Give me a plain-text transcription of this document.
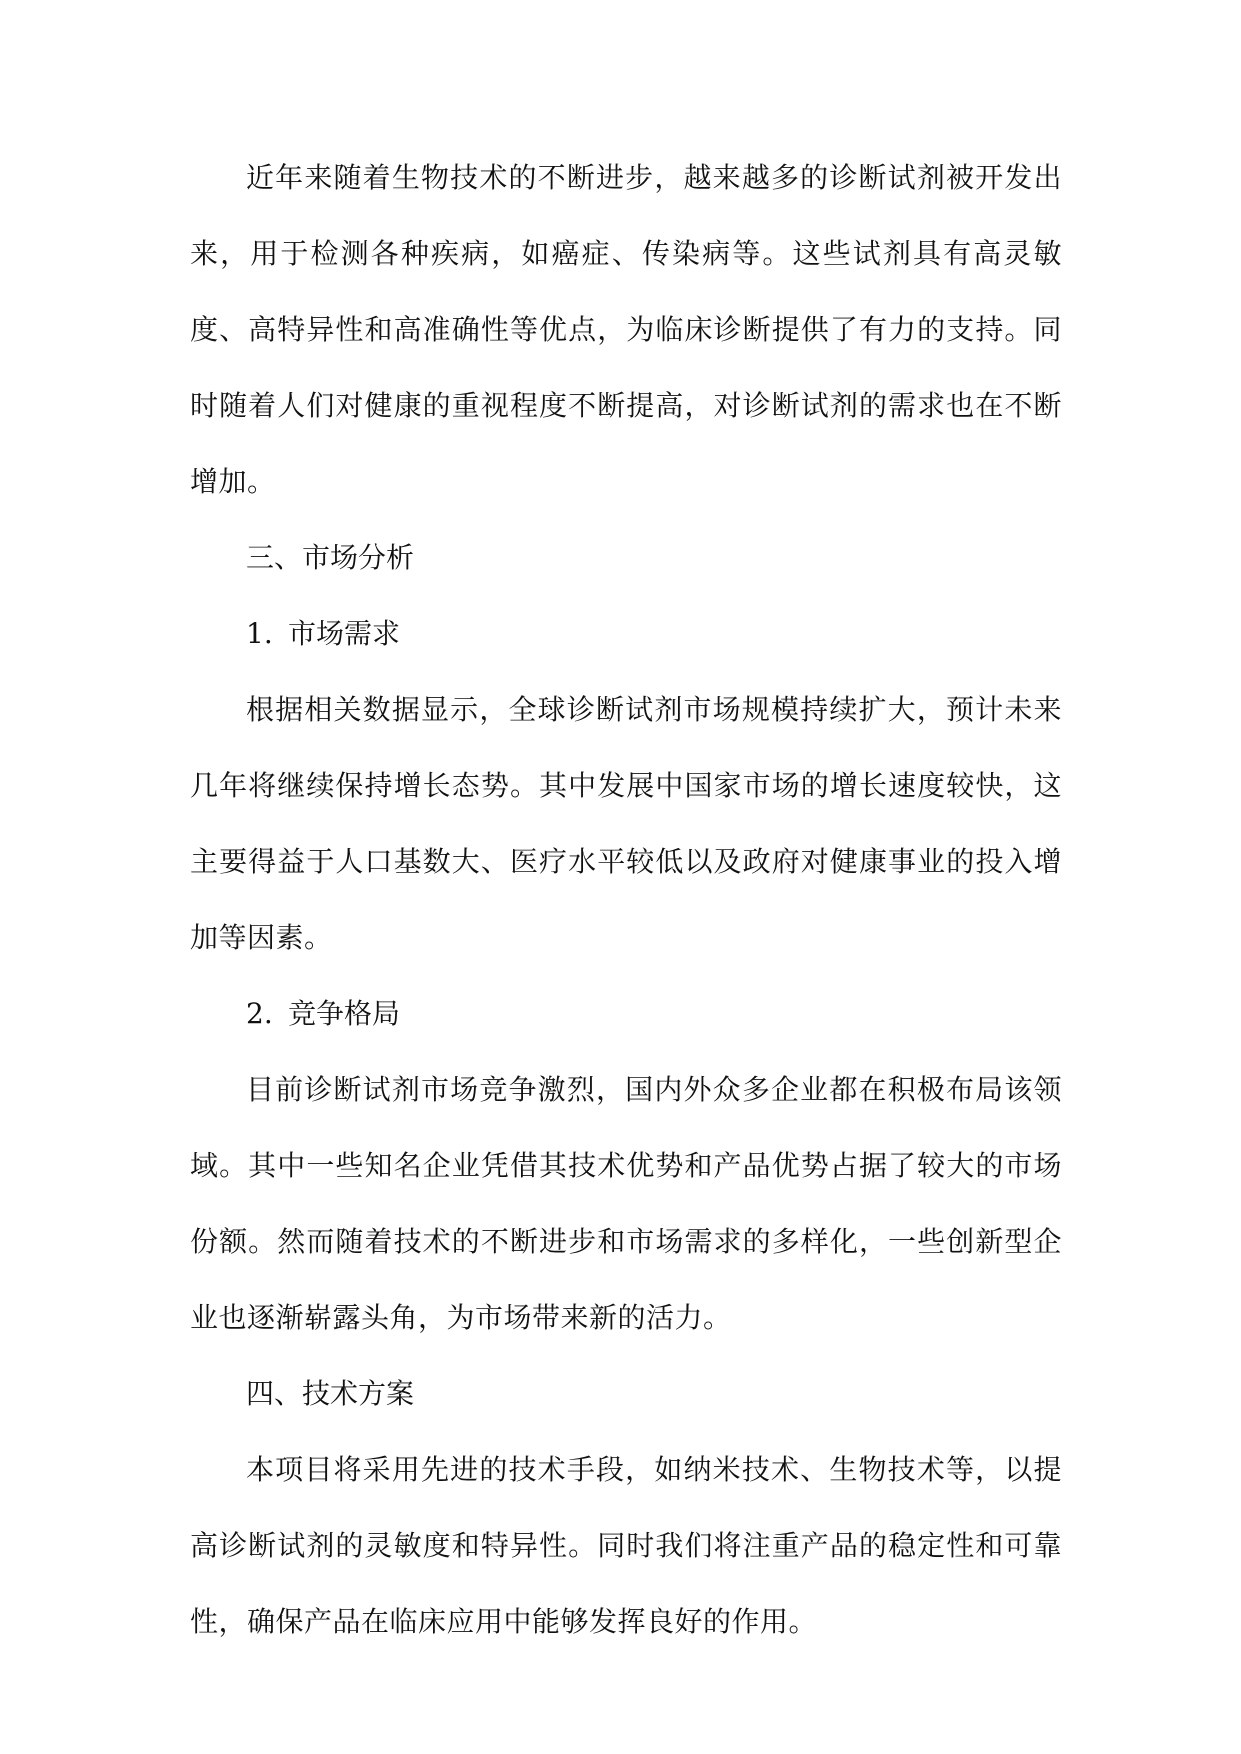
近年来随着生物技术的不断进步，越来越多的诊断试剂被开发出来，用于检测各种疾病，如癌症、传染病等。这些试剂具有高灵敏度、高特异性和高准确性等优点，为临床诊断提供了有力的支持。同时随着人们对健康的重视程度不断提高，对诊断试剂的需求也在不断增加。

三、市场分析

1. 市场需求

根据相关数据显示，全球诊断试剂市场规模持续扩大，预计未来几年将继续保持增长态势。其中发展中国家市场的增长速度较快，这主要得益于人口基数大、医疗水平较低以及政府对健康事业的投入增加等因素。

2. 竞争格局

目前诊断试剂市场竞争激烈，国内外众多企业都在积极布局该领域。其中一些知名企业凭借其技术优势和产品优势占据了较大的市场份额。然而随着技术的不断进步和市场需求的多样化，一些创新型企业也逐渐崭露头角，为市场带来新的活力。

四、技术方案

本项目将采用先进的技术手段，如纳米技术、生物技术等，以提高诊断试剂的灵敏度和特异性。同时我们将注重产品的稳定性和可靠性，确保产品在临床应用中能够发挥良好的作用。
